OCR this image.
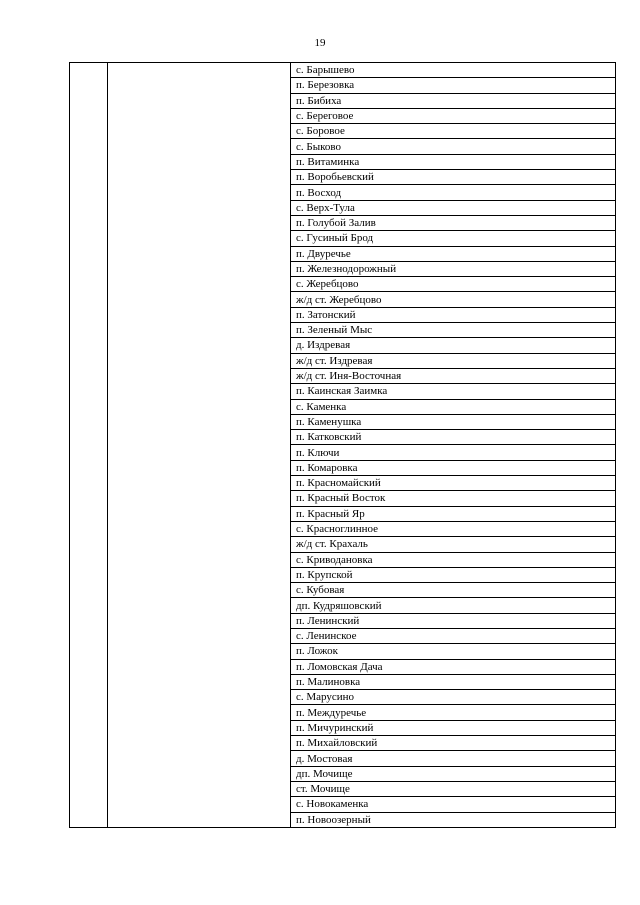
19
		с. Барышево
п. Березовка
п. Бибиха
с. Береговое
с. Боровое
с. Быково
п. Витаминка
п. Воробьевский
п. Восход
с. Верх-Тула
п. Голубой Залив
с. Гусиный Брод
п. Двуречье
п. Железнодорожный
с. Жеребцово
ж/д ст. Жеребцово
п. Затонский
п. Зеленый Мыс
д. Издревая
ж/д ст. Издревая
ж/д ст. Иня-Восточная
п. Каинская Заимка
с. Каменка
п. Каменушка
п. Катковский
п. Ключи
п. Комаровка
п. Красномайский
п. Красный Восток
п. Красный Яр
с. Красноглинное
ж/д ст. Крахаль
с. Криводановка
п. Крупской
с. Кубовая
дп. Кудряшовский
п. Ленинский
с. Ленинское
п. Ложок
п. Ломовская Дача
п. Малиновка
с. Марусино
п. Междуречье
п. Мичуринский
п. Михайловский
д. Мостовая
дп. Мочище
ст. Мочище
с. Новокаменка
п. Новоозерный
